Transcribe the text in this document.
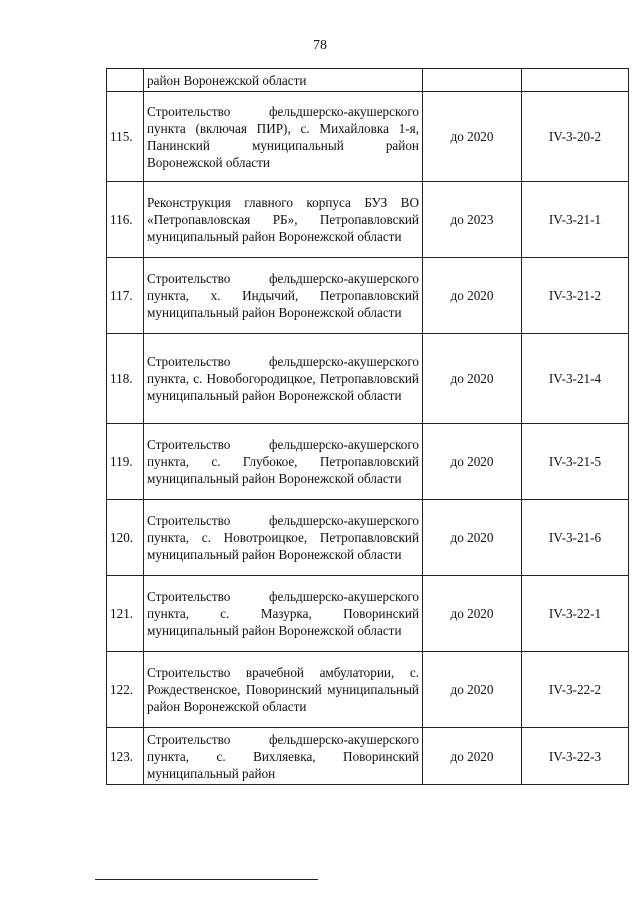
78
	район Воронежской области		
115.	Строительство фельдшерско-акушерского пункта (включая ПИР), с. Михайловка 1-я, Панинский муниципальный район Воронежской области	до 2020	IV-3-20-2
116.	Реконструкция главного корпуса БУЗ ВО «Петропавловская РБ», Петропавловский муниципальный район Воронежской области	до 2023	IV-3-21-1
117.	Строительство фельдшерско-акушерского пункта, х. Индычий, Петропавловский муниципальный район Воронежской области	до 2020	IV-3-21-2
118.	Строительство фельдшерско-акушерского пункта, с. Новобогородицкое, Петропавловский муниципальный район Воронежской области	до 2020	IV-3-21-4
119.	Строительство фельдшерско-акушерского пункта, с. Глубокое, Петропавловский муниципальный район Воронежской области	до 2020	IV-3-21-5
120.	Строительство фельдшерско-акушерского пункта, с. Новотроицкое, Петропавловский муниципальный район Воронежской области	до 2020	IV-3-21-6
121.	Строительство фельдшерско-акушерского пункта, с. Мазурка, Поворинский муниципальный район Воронежской области	до 2020	IV-3-22-1
122.	Строительство врачебной амбулатории, с. Рождественское, Поворинский муниципальный район Воронежской области	до 2020	IV-3-22-2
123.	Строительство фельдшерско-акушерского пункта, с. Вихляевка, Поворинский муниципальный район	до 2020	IV-3-22-3
